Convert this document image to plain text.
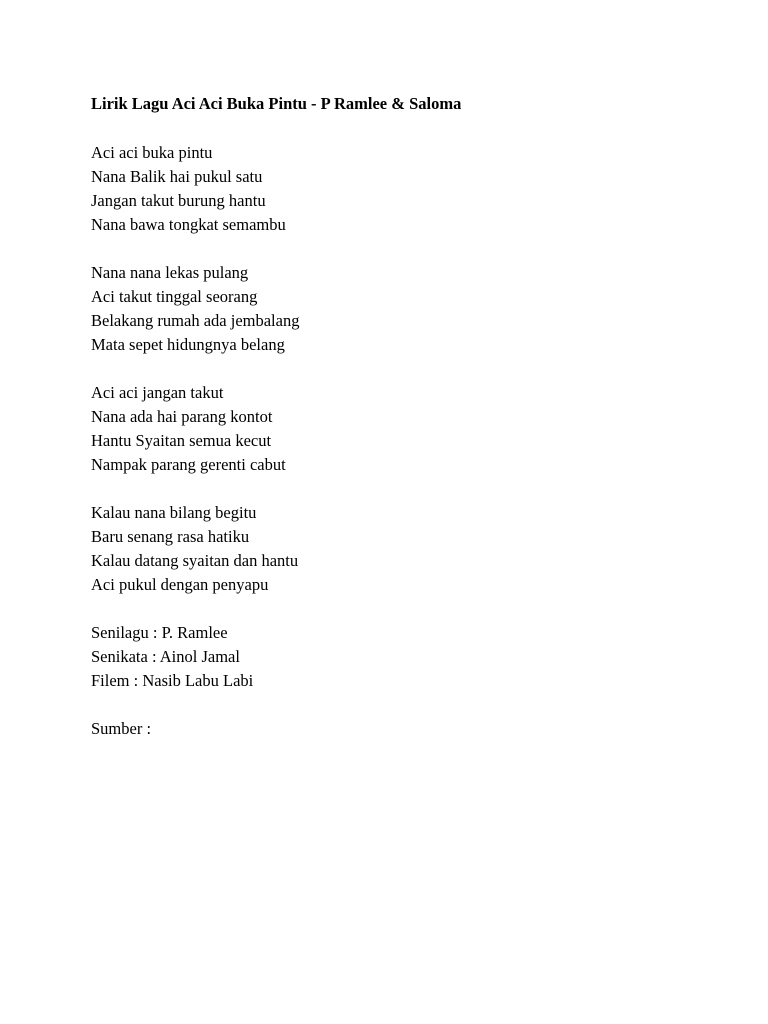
Lirik Lagu Aci Aci Buka Pintu - P Ramlee & Saloma
Aci aci buka pintu
Nana Balik hai pukul satu
Jangan takut burung hantu
Nana bawa tongkat semambu
Nana nana lekas pulang
Aci takut tinggal seorang
Belakang rumah ada jembalang
Mata sepet hidungnya belang
Aci aci jangan takut
Nana ada hai parang kontot
Hantu Syaitan semua kecut
Nampak parang gerenti cabut
Kalau nana bilang begitu
Baru senang rasa hatiku
Kalau datang syaitan dan hantu
Aci pukul dengan penyapu
Senilagu : P. Ramlee
Senikata : Ainol Jamal
Filem : Nasib Labu Labi
Sumber :
